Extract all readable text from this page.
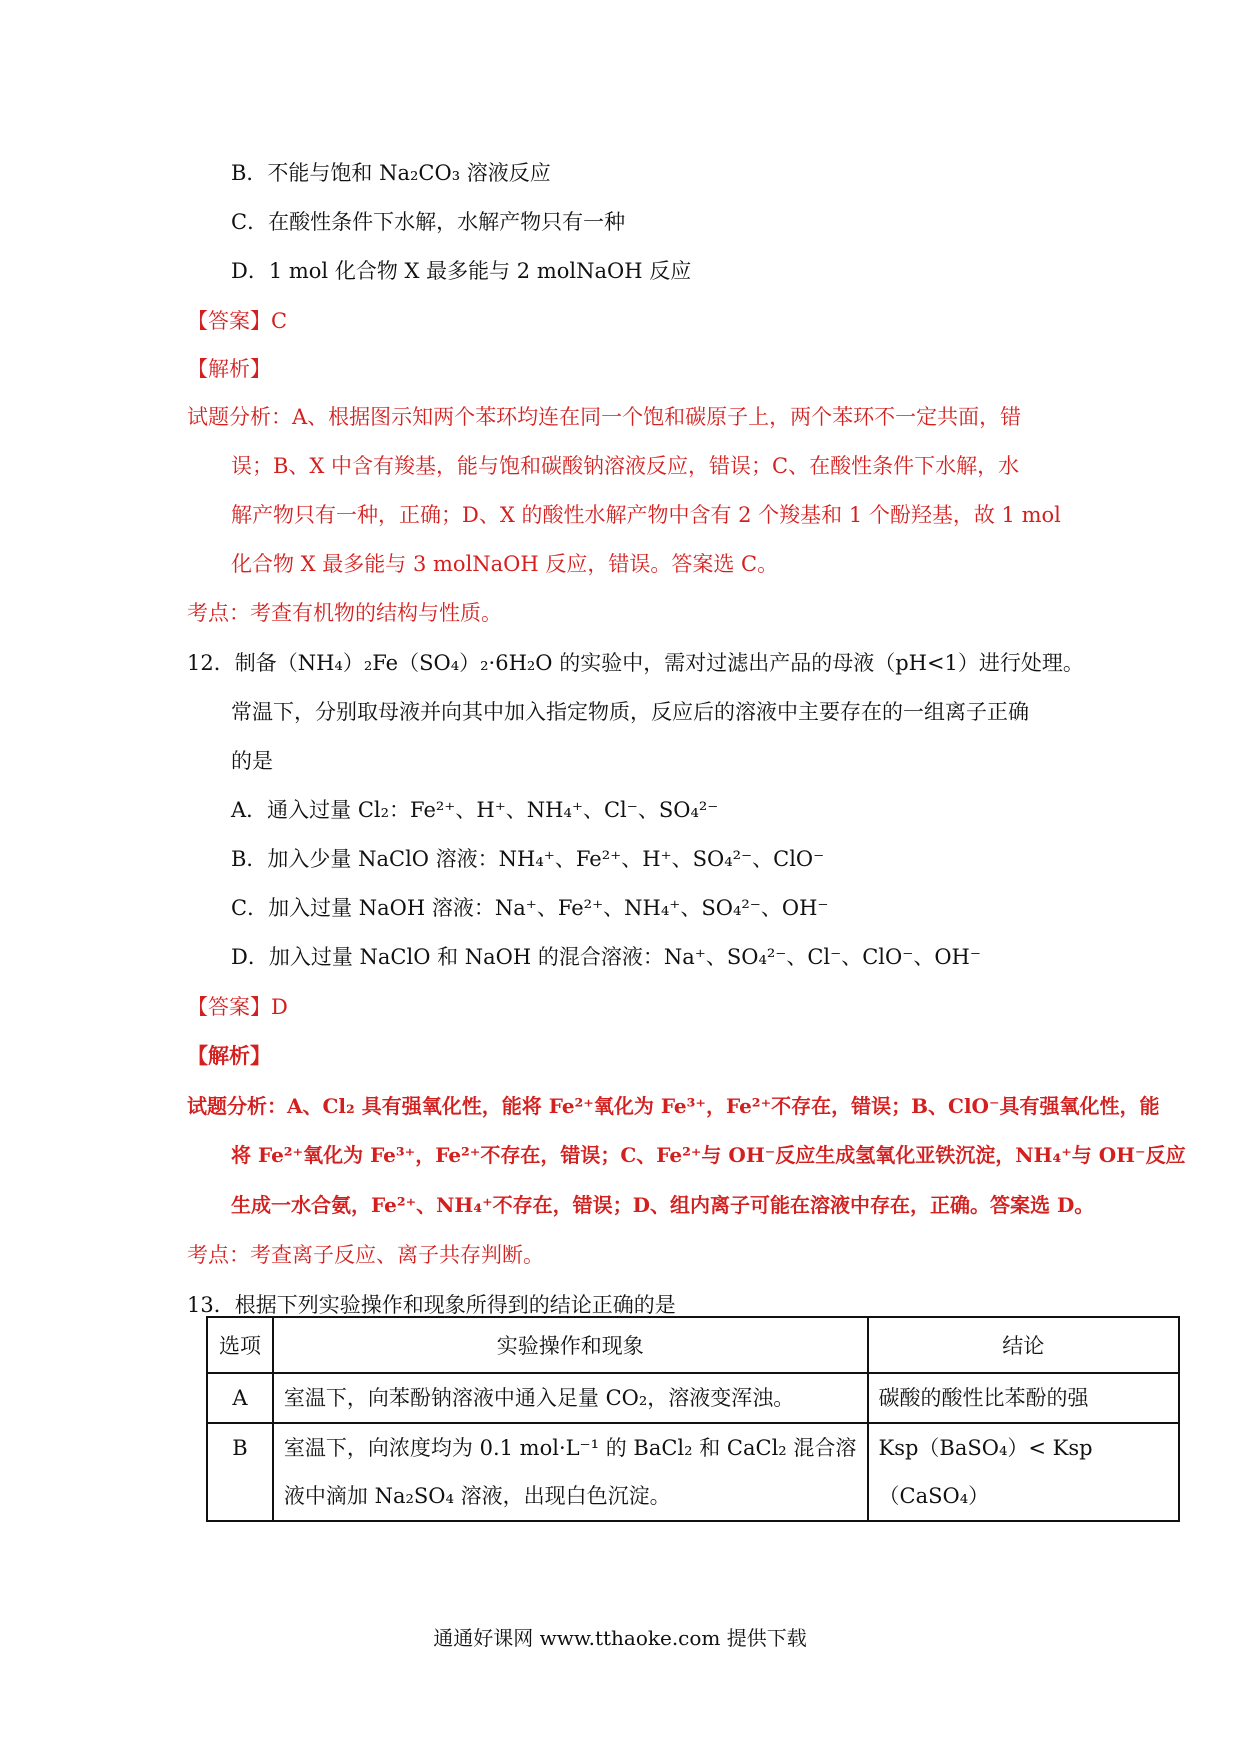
B．不能与饱和 Na₂CO₃ 溶液反应
C．在酸性条件下水解，水解产物只有一种
D．1 mol 化合物 X 最多能与 2 molNaOH 反应
【答案】C
【解析】
试题分析：A、根据图示知两个苯环均连在同一个饱和碳原子上，两个苯环不一定共面，错
误；B、X 中含有羧基，能与饱和碳酸钠溶液反应，错误；C、在酸性条件下水解，水
解产物只有一种，正确；D、X 的酸性水解产物中含有 2 个羧基和 1 个酚羟基，故 1 mol
化合物 X 最多能与 3 molNaOH 反应，错误。答案选 C。
考点：考查有机物的结构与性质。
12．制备（NH₄）₂Fe（SO₄）₂·6H₂O 的实验中，需对过滤出产品的母液（pH<1）进行处理。
常温下，分别取母液并向其中加入指定物质，反应后的溶液中主要存在的一组离子正确
的是
A．通入过量 Cl₂：Fe²⁺、H⁺、NH₄⁺、Cl⁻、SO₄²⁻
B．加入少量 NaClO 溶液：NH₄⁺、Fe²⁺、H⁺、SO₄²⁻、ClO⁻
C．加入过量 NaOH 溶液：Na⁺、Fe²⁺、NH₄⁺、SO₄²⁻、OH⁻
D．加入过量 NaClO 和 NaOH 的混合溶液：Na⁺、SO₄²⁻、Cl⁻、ClO⁻、OH⁻
【答案】D
【解析】
试题分析：A、Cl₂ 具有强氧化性，能将 Fe²⁺氧化为 Fe³⁺，Fe²⁺不存在，错误；B、ClO⁻具有强氧化性，能
将 Fe²⁺氧化为 Fe³⁺，Fe²⁺不存在，错误；C、Fe²⁺与 OH⁻反应生成氢氧化亚铁沉淀，NH₄⁺与 OH⁻反应
生成一水合氨，Fe²⁺、NH₄⁺不存在，错误；D、组内离子可能在溶液中存在，正确。答案选 D。
考点：考查离子反应、离子共存判断。
13．根据下列实验操作和现象所得到的结论正确的是
选项	实验操作和现象	结论
A	室温下，向苯酚钠溶液中通入足量 CO₂，溶液变浑浊。	碳酸的酸性比苯酚的强
B	室温下，向浓度均为 0.1 mol·L⁻¹ 的 BaCl₂ 和 CaCl₂ 混合溶液中滴加 Na₂SO₄ 溶液，出现白色沉淀。	Ksp（BaSO₄）< Ksp（CaSO₄）
通通好课网 www.tthaoke.com 提供下载
